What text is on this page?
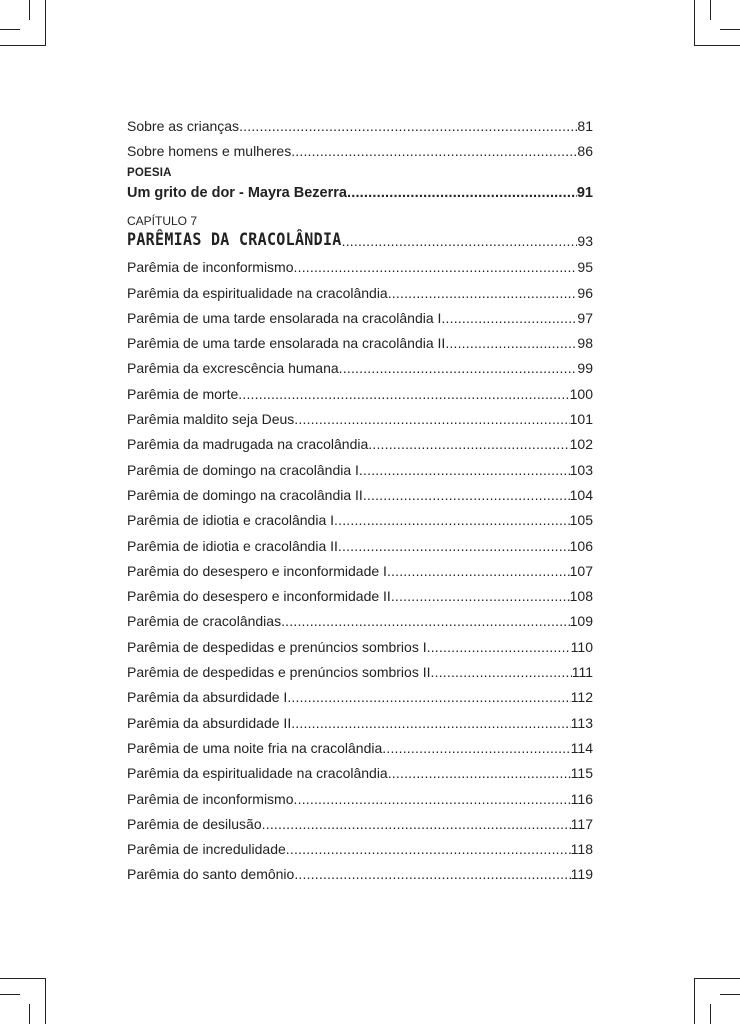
Sobre as crianças .....	81
Sobre homens e mulheres .....	86
POESIA
Um grito de dor - Mayra Bezerra .....	91
CAPÍTULO 7
PARÊMIAS DA CRACOLÂNDIA .....	93
Parêmia de inconformismo .....	95
Parêmia da espiritualidade na cracolândia .....	96
Parêmia de uma tarde ensolarada na cracolândia I .....	97
Parêmia de uma tarde ensolarada na cracolândia II .....	98
Parêmia da excrescência humana .....	99
Parêmia de morte .....	100
Parêmia maldito seja Deus .....	101
Parêmia da madrugada na cracolândia .....	102
Parêmia de domingo na cracolândia I .....	103
Parêmia de domingo na cracolândia II .....	104
Parêmia de idiotia e cracolândia I .....	105
Parêmia de idiotia e cracolândia II .....	106
Parêmia do desespero e inconformidade I .....	107
Parêmia do desespero e inconformidade II .....	108
Parêmia de cracolândias .....	109
Parêmia de despedidas e prenúncios sombrios I .....	110
Parêmia de despedidas e prenúncios sombrios II .....	111
Parêmia da absurdidade I .....	112
Parêmia da absurdidade II .....	113
Parêmia de uma noite fria na cracolândia .....	114
Parêmia da espiritualidade na cracolândia .....	115
Parêmia de inconformismo .....	116
Parêmia de desilusão .....	117
Parêmia de incredulidade .....	118
Parêmia do santo demônio .....	119
